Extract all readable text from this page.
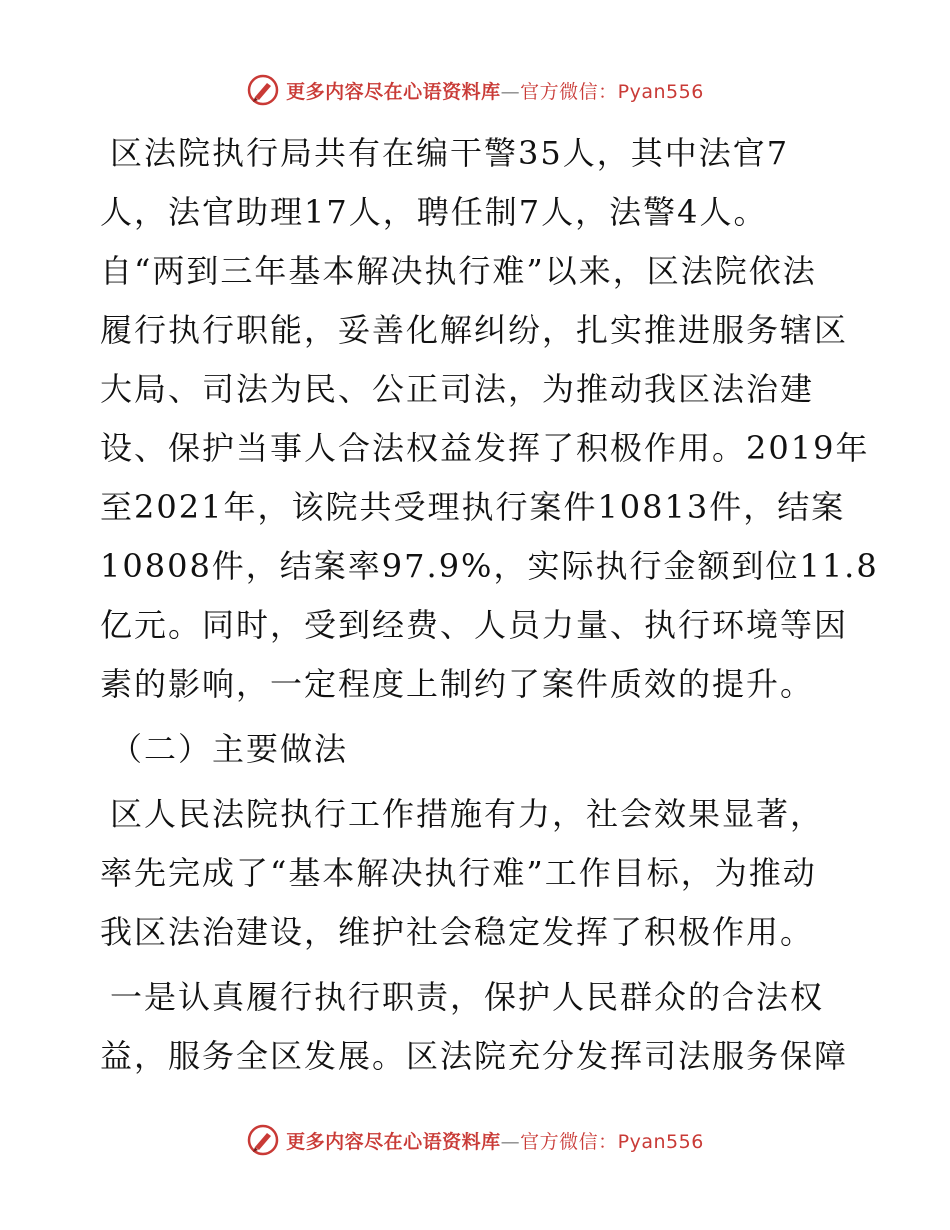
更多内容尽在心语资料库—官方微信：Pyan556
区法院执行局共有在编干警35人，其中法官7
人，法官助理17人，聘任制7人，法警4人。
自“两到三年基本解决执行难”以来，区法院依法
履行执行职能，妥善化解纠纷，扎实推进服务辖区
大局、司法为民、公正司法，为推动我区法治建
设、保护当事人合法权益发挥了积极作用。2019年
至2021年，该院共受理执行案件10813件，结案
10808件，结案率97.9%，实际执行金额到位11.8
亿元。同时，受到经费、人员力量、执行环境等因
素的影响，一定程度上制约了案件质效的提升。
（二）主要做法
区人民法院执行工作措施有力，社会效果显著，
率先完成了“基本解决执行难”工作目标，为推动
我区法治建设，维护社会稳定发挥了积极作用。
一是认真履行执行职责，保护人民群众的合法权
益，服务全区发展。区法院充分发挥司法服务保障
更多内容尽在心语资料库—官方微信：Pyan556
